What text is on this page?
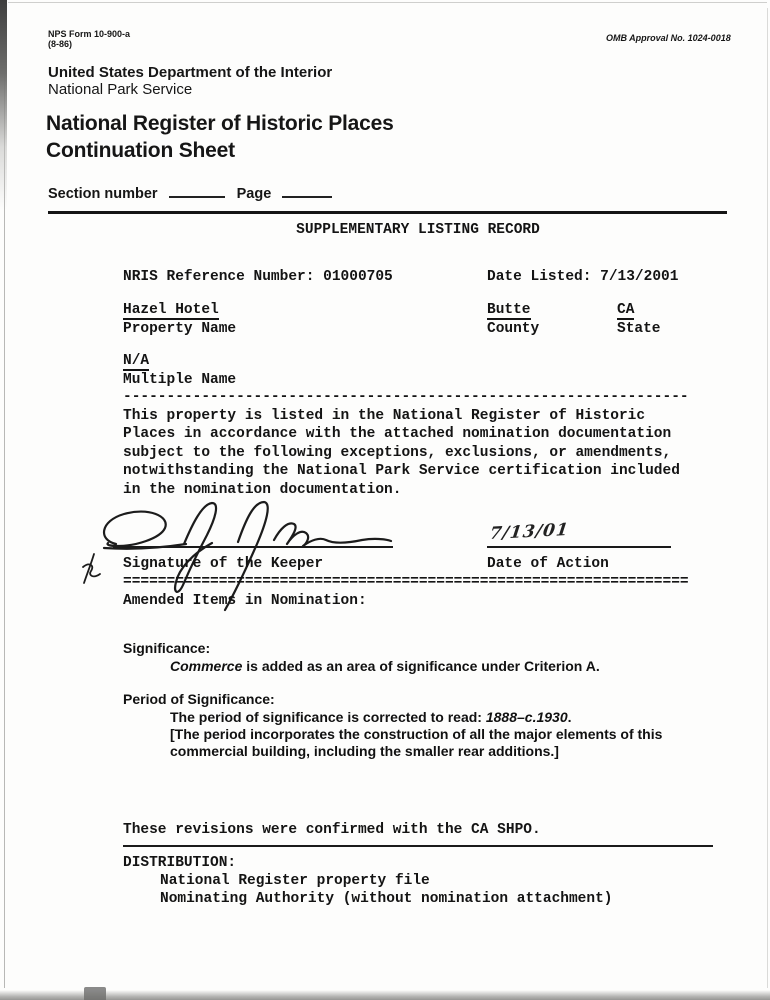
NPS Form 10-900-a
(8-86)
OMB Approval No. 1024-0018
United States Department of the Interior
National Park Service
National Register of Historic Places
Continuation Sheet
Section number	Page
SUPPLEMENTARY LISTING RECORD
NRIS Reference Number: 01000705	Date Listed: 7/13/2001
Hazel Hotel	Butte	CA
Property Name	County	State
N/A
Multiple Name
-----------------------------------------------------------------
This property is listed in the National Register of Historic
Places in accordance with the attached nomination documentation
subject to the following exceptions, exclusions, or amendments,
notwithstanding the National Park Service certification included
in the nomination documentation.
7/13/01
Signature of the Keeper	Date of Action
=================================================================
Amended Items in Nomination:
Significance:
Commerce is added as an area of significance under Criterion A.
Period of Significance:
The period of significance is corrected to read: 1888–c.1930.
[The period incorporates the construction of all the major elements of this
commercial building, including the smaller rear additions.]
These revisions were confirmed with the CA SHPO.
DISTRIBUTION:
National Register property file
Nominating Authority (without nomination attachment)
